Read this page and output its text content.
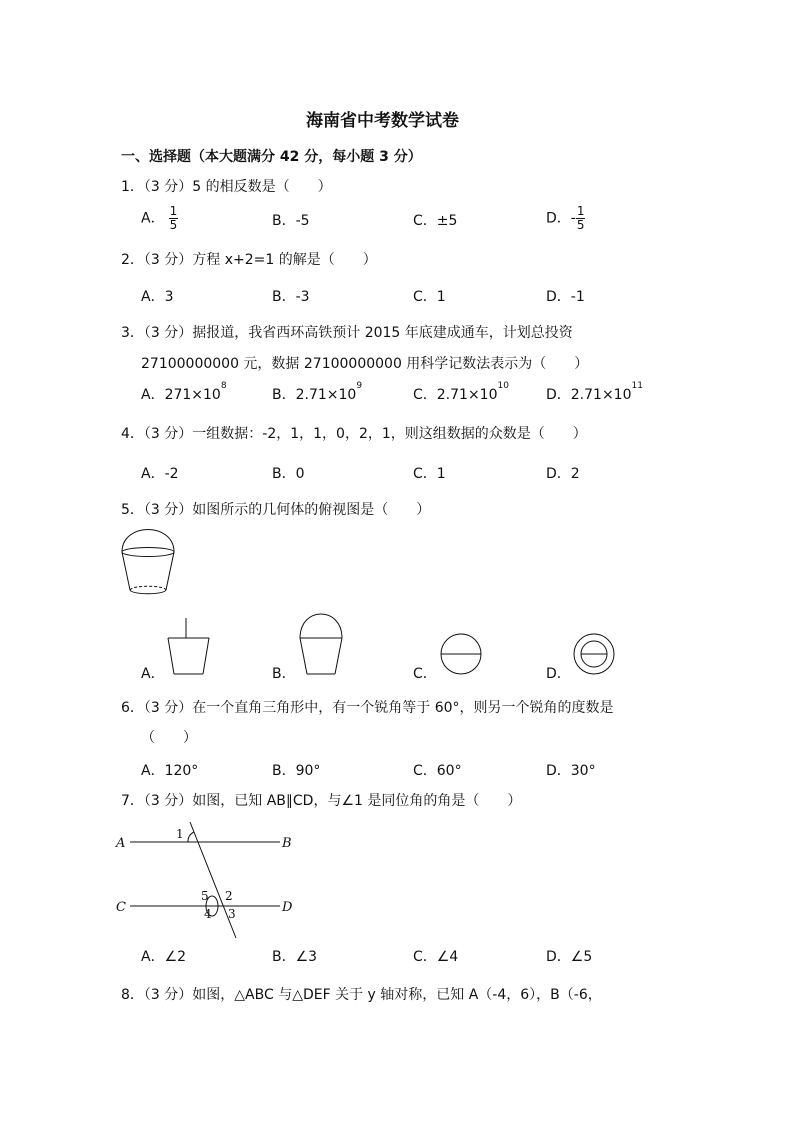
海南省中考数学试卷
一、选择题（本大题满分 42 分，每小题 3 分）
1．（3 分）5 的相反数是（　　）
A． $\frac{1}{5}$	B．-5	C．±5	D．- $\frac{1}{5}$
2．（3 分）方程 x+2=1 的解是（　　）
A．3	B．-3	C．1	D．-1
3．（3 分）据报道，我省西环高铁预计 2015 年底建成通车，计划总投资
27100000000 元，数据 27100000000 用科学记数法表示为（　　）
A．$271\times 10^8$
B．$2.71\times 10^9$
C．$2.71\times 10^{10}$
D．$2.71\times 10^{11}$
4．（3 分）一组数据：-2，1，1，0，2，1，则这组数据的众数是（　　）
A．-2	B．0	C．1	D．2
5．（3 分）如图所示的几何体的俯视图是（　　）
A．	B．	C．	D．
6．（3 分）在一个直角三角形中，有一个锐角等于 60°，则另一个锐角的度数是
（　　）
A．120°	B．90°	C．60°	D．30°
7．（3 分）如图，已知 AB∥CD，与∠1 是同位角的角是（　　）
A	B
C	D
1
2
3
4
5
A．∠2	B．∠3	C．∠4	D．∠5
8．（3 分）如图，△ABC 与△DEF 关于 y 轴对称，已知 A（-4，6），B（-6，
